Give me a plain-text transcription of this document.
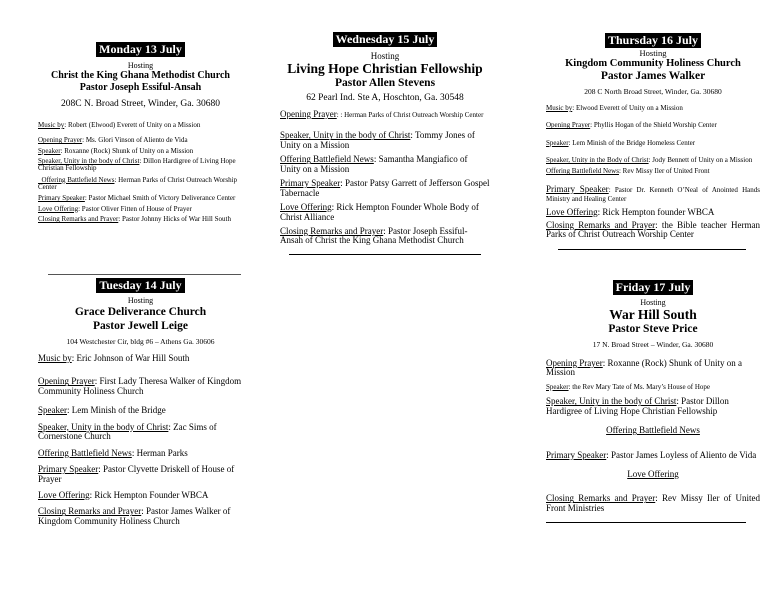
Monday 13 July
Hosting
Christ the King Ghana Methodist Church
Pastor Joseph Essiful-Ansah
208C N. Broad Street, Winder, Ga. 30680
Music by: Robert (Elwood) Everett of Unity on a Mission
Opening Prayer: Ms. Glori Vinson of Aliento de Vida
Speaker: Roxanne (Rock) Shunk of Unity on a Mission
Speaker, Unity in the body of Christ: Dillon Hardigree of Living Hope Christian Fellowship
Offering Battlefield News: Herman Parks of Christ Outreach Worship Center
Primary Speaker: Pastor Michael Smith of Victory Deliverance Center
Love Offering: Pastor Oliver Fitten of House of Prayer
Closing Remarks and Prayer: Pastor Johnny Hicks of War Hill South
Tuesday 14 July
Hosting
Grace Deliverance Church
Pastor Jewell Leige
104 Westchester Cir, bldg #6 – Athens Ga. 30606
Music by: Eric Johnson of War Hill South
Opening Prayer: First Lady Theresa Walker of Kingdom Community Holiness Church
Speaker: Lem Minish of the Bridge
Speaker, Unity in the body of Christ: Zac Sims of Cornerstone Church
Offering Battlefield News: Herman Parks
Primary Speaker: Pastor Clyvette Driskell of House of Prayer
Love Offering: Rick Hempton Founder WBCA
Closing Remarks and Prayer: Pastor James Walker of Kingdom Community Holiness Church
Wednesday 15 July
Hosting
Living Hope Christian Fellowship
Pastor Allen Stevens
62 Pearl Ind. Ste A, Hoschton, Ga. 30548
Opening Prayer: : Herman Parks of Christ Outreach Worship Center
Speaker, Unity in the body of Christ: Tommy Jones of Unity on a Mission
Offering Battlefield News: Samantha Mangiafico of Unity on a Mission
Primary Speaker: Pastor Patsy Garrett of Jefferson Gospel Tabernacle
Love Offering: Rick Hempton Founder Whole Body of Christ Alliance
Closing Remarks and Prayer: Pastor Joseph Essiful-Ansah of Christ the King Ghana Methodist Church
Thursday 16 July
Hosting
Kingdom Community Holiness Church
Pastor James Walker
208 C North Broad Street, Winder, Ga. 30680
Music by: Elwood Everett of Unity on a Mission
Opening Prayer: Phyllis Hogan of the Shield Worship Center
Speaker: Lem Minish of the Bridge Homeless Center
Speaker, Unity in the Body of Christ: Jody Bennett of Unity on a Mission
Offering Battlefield News: Rev Missy Iler of United Front
Primary Speaker: Pastor Dr. Kenneth O’Neal of Anointed Hands Ministry and Healing Center
Love Offering: Rick Hempton founder WBCA
Closing Remarks and Prayer: the Bible teacher Herman Parks of Christ Outreach Worship Center
Friday 17 July
Hosting
War Hill South
Pastor Steve Price
17 N. Broad Street – Winder, Ga. 30680
Opening Prayer: Roxanne (Rock) Shunk of Unity on a Mission
Speaker: the Rev Mary Tate of Ms. Mary’s House of Hope
Speaker, Unity in the body of Christ: Pastor Dillon Hardigree of Living Hope Christian Fellowship
Offering Battlefield News
Primary Speaker: Pastor James Loyless of Aliento de Vida
Love Offering
Closing Remarks and Prayer: Rev Missy Iler of United Front Ministries
